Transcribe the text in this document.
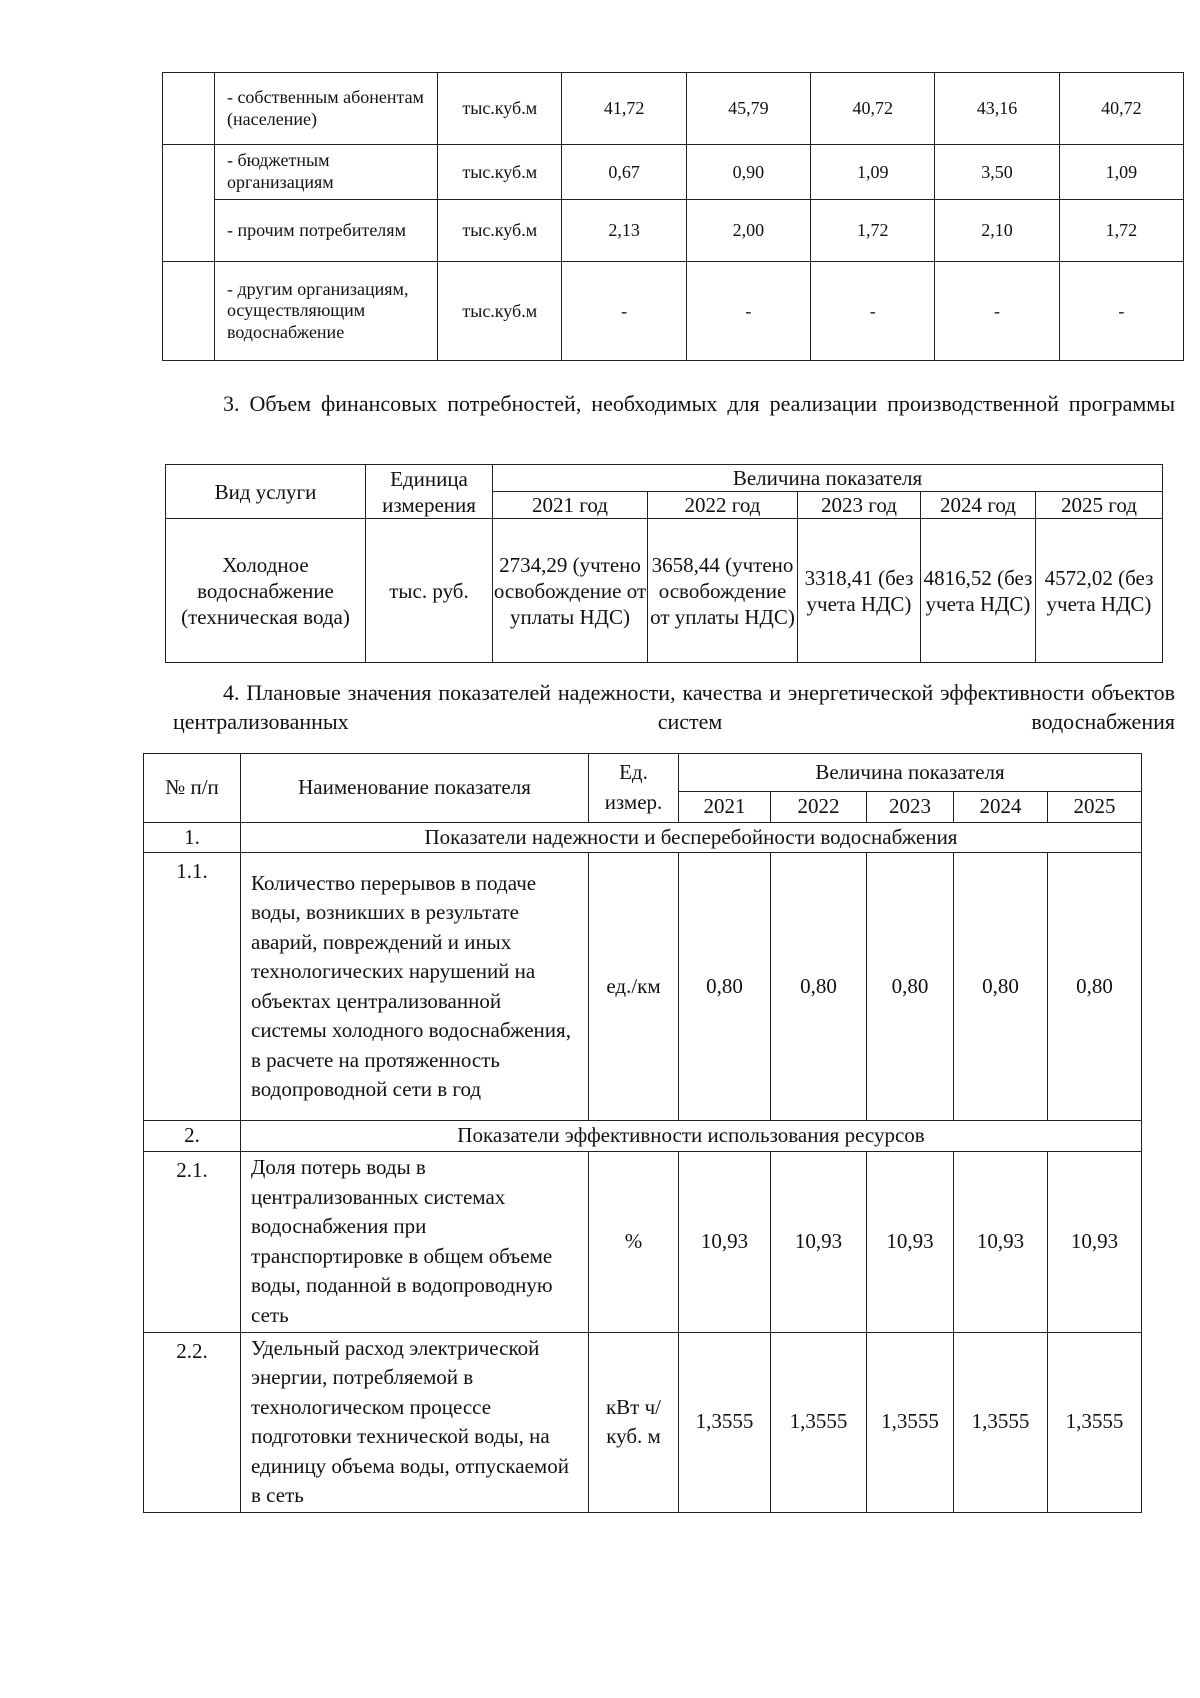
	- собственным абонентам (население)	тыс.куб.м	41,72	45,79	40,72	43,16	40,72
	- бюджетным организациям	тыс.куб.м	0,67	0,90	1,09	3,50	1,09
	- прочим потребителям	тыс.куб.м	2,13	2,00	1,72	2,10	1,72
	- другим организациям, осуществляющим водоснабжение	тыс.куб.м	-	-	-	-	-
3. Объем финансовых потребностей, необходимых для реализации производственной программы
Вид услуги	Единица измерения	Величина показателя				
		2021 год	2022 год	2023 год	2024 год	2025 год
Холодное водоснабжение (техническая вода)	тыс. руб.	2734,29 (учтено освобождение от уплаты НДС)	3658,44 (учтено освобождение от уплаты НДС)	3318,41 (без учета НДС)	4816,52 (без учета НДС)	4572,02 (без учета НДС)
4. Плановые значения показателей надежности, качества и энергетической эффективности объектов централизованных систем водоснабжения
№ п/п	Наименование показателя	Ед. измер.	Величина показателя				
			2021	2022	2023	2024	2025
1.	Показатели надежности и бесперебойности водоснабжения						
1.1.	Количество перерывов в подаче воды, возникших в результате аварий, повреждений и иных технологических нарушений на объектах централизованной системы холодного водоснабжения, в расчете на протяженность водопроводной сети в год	ед./км	0,80	0,80	0,80	0,80	0,80
2.	Показатели эффективности использования ресурсов						
2.1.	Доля потерь воды в централизованных системах водоснабжения при транспортировке в общем объеме воды, поданной в водопроводную сеть	%	10,93	10,93	10,93	10,93	10,93
2.2.	Удельный расход электрической энергии, потребляемой в технологическом процессе подготовки технической воды, на единицу объема воды, отпускаемой в сеть	кВт ч/куб. м	1,3555	1,3555	1,3555	1,3555	1,3555
